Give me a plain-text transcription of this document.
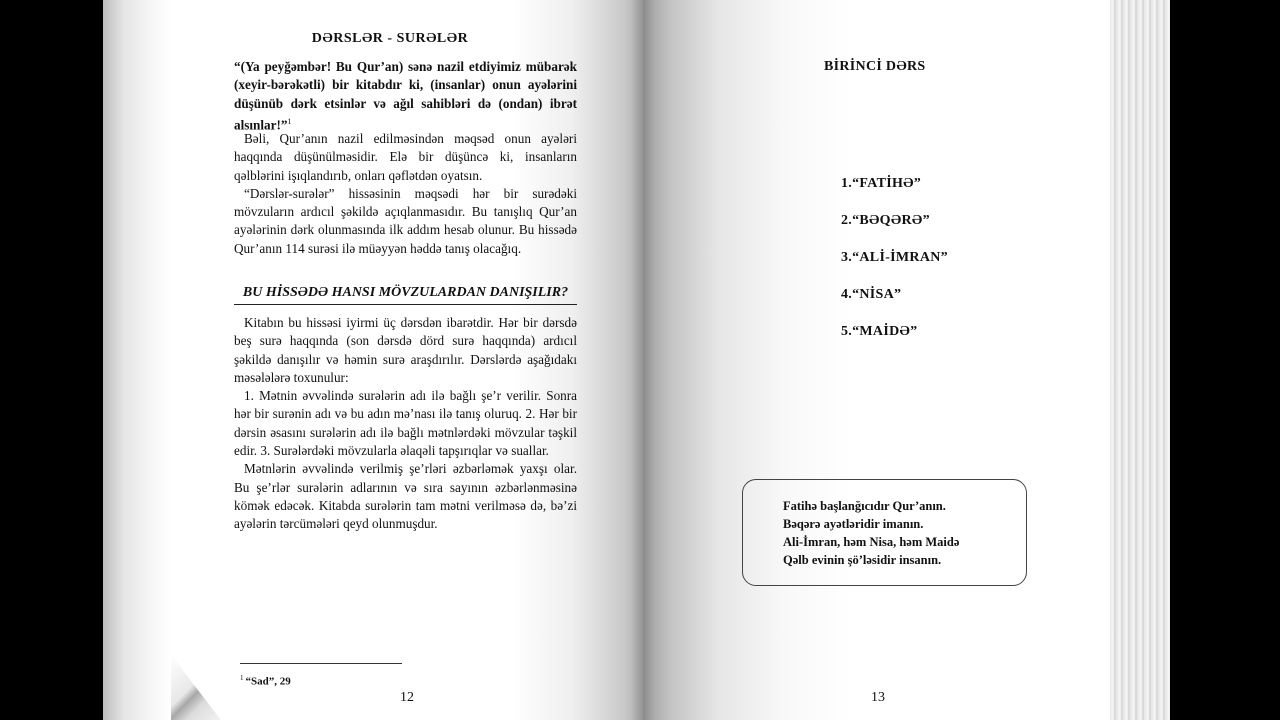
DƏRSLƏR - SURƏLƏR
“(Ya peyğəmbər! Bu Qur’an) sənə nazil etdiyimiz mübarək (xeyir-bərəkətli) bir kitabdır ki, (insanlar) onun ayələrini düşünüb dərk etsinlər və ağıl sahibləri də (ondan) ibrət alsınlar!”$^1$

Bəli, Qur’anın nazil edilməsindən məqsəd onun ayələri haqqında düşünülməsidir. Elə bir düşüncə ki, insanların qəlblərini işıqlandırıb, onları qəflətdən oyatsın.

“Dərslər-surələr” hissəsinin məqsədi hər bir surədəki mövzuların ardıcıl şəkildə açıqlanmasıdır. Bu tanışlıq Qur’an ayələrinin dərk olunmasında ilk addım hesab olunur. Bu hissədə Qur’anın 114 surəsi ilə müəyyən həddə tanış olacağıq.

BU HİSSƏDƏ HANSI MÖVZULARDAN DANIŞILIR?

Kitabın bu hissəsi iyirmi üç dərsdən ibarətdir. Hər bir dərsdə beş surə haqqında (son dərsdə dörd surə haqqında) ardıcıl şəkildə danışılır və həmin surə araşdırılır. Dərslərdə aşağıdakı məsələlərə toxunulur:

1. Mətnin əvvəlində surələrin adı ilə bağlı şe’r verilir. Sonra hər bir surənin adı və bu adın mə’nası ilə tanış oluruq. 2. Hər bir dərsin əsasını surələrin adı ilə bağlı mətnlərdəki mövzular təşkil edir. 3. Surələrdəki mövzularla əlaqəli tapşırıqlar və suallar.

Mətnlərin əvvəlində verilmiş şe’rləri əzbərləmək yaxşı olar. Bu şe’rlər surələrin adlarının və sıra sayının əzbərlənməsinə kömək edəcək. Kitabda surələrin tam mətni verilməsə də, bə’zi ayələrin tərcümələri qeyd olunmuşdur.

$^1$ “Sad”, 29
12
BİRİNCİ DƏRS
1.“FATİHƏ”
2.“BƏQƏRƏ”
3.“ALİ-İMRAN”
4.“NİSA”
5.“MAİDƏ”
Fatihə başlanğıcıdır Qur’anın.
Bəqərə ayətləridir imanın.
Ali-İmran, həm Nisa, həm Maidə
Qəlb evinin şö’ləsidir insanın.
13
